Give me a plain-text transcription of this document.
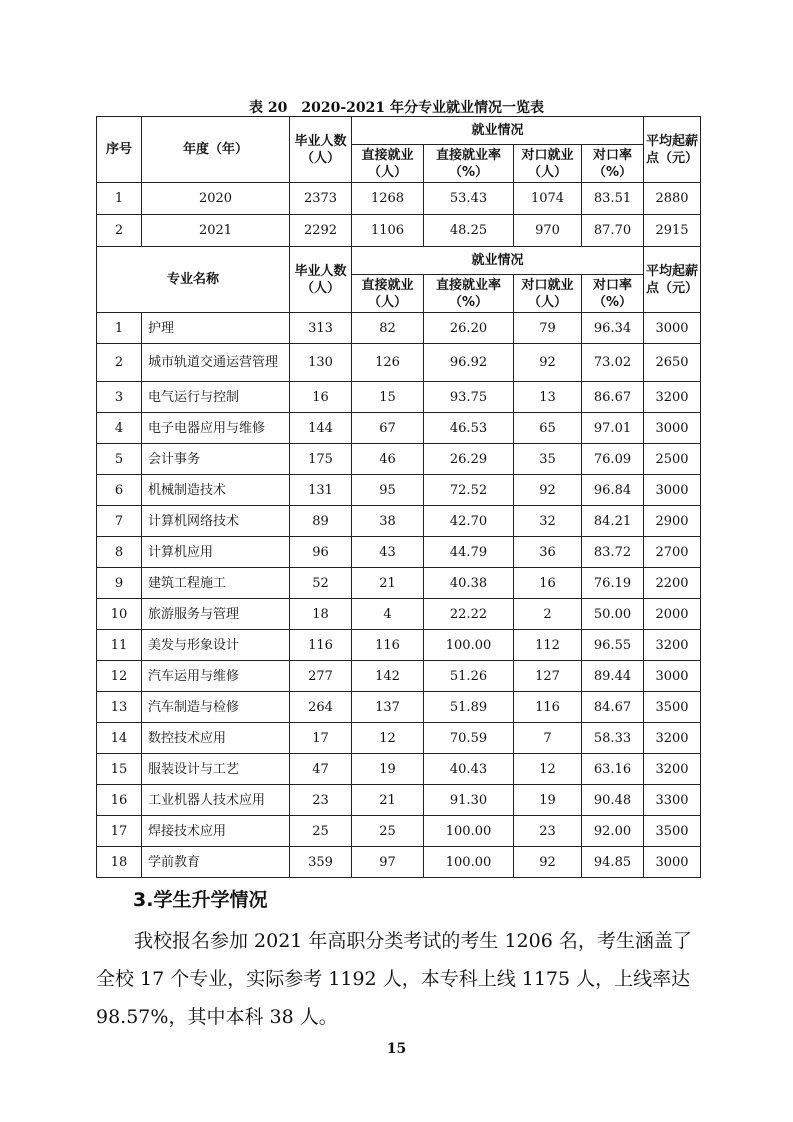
表 20　2020-2021 年分专业就业情况一览表
序号	年度（年）	毕业人数（人）	就业情况				平均起薪点（元）
			直接就业（人）	直接就业率（%）	对口就业（人）	对口率（%）	
1	2020	2373	1268	53.43	1074	83.51	2880
2	2021	2292	1106	48.25	970	87.70	2915
专业名称		毕业人数（人）	就业情况				平均起薪点（元）
			直接就业（人）	直接就业率（%）	对口就业（人）	对口率（%）	
1	护理	313	82	26.20	79	96.34	3000
2	城市轨道交通运营管理	130	126	96.92	92	73.02	2650
3	电气运行与控制	16	15	93.75	13	86.67	3200
4	电子电器应用与维修	144	67	46.53	65	97.01	3000
5	会计事务	175	46	26.29	35	76.09	2500
6	机械制造技术	131	95	72.52	92	96.84	3000
7	计算机网络技术	89	38	42.70	32	84.21	2900
8	计算机应用	96	43	44.79	36	83.72	2700
9	建筑工程施工	52	21	40.38	16	76.19	2200
10	旅游服务与管理	18	4	22.22	2	50.00	2000
11	美发与形象设计	116	116	100.00	112	96.55	3200
12	汽车运用与维修	277	142	51.26	127	89.44	3000
13	汽车制造与检修	264	137	51.89	116	84.67	3500
14	数控技术应用	17	12	70.59	7	58.33	3200
15	服装设计与工艺	47	19	40.43	12	63.16	3200
16	工业机器人技术应用	23	21	91.30	19	90.48	3300
17	焊接技术应用	25	25	100.00	23	92.00	3500
18	学前教育	359	97	100.00	92	94.85	3000
3.学生升学情况

我校报名参加 2021 年高职分类考试的考生 1206 名，考生涵盖了全校 17 个专业，实际参考 1192 人，本专科上线 1175 人，上线率达 98.57%，其中本科 38 人。

15
